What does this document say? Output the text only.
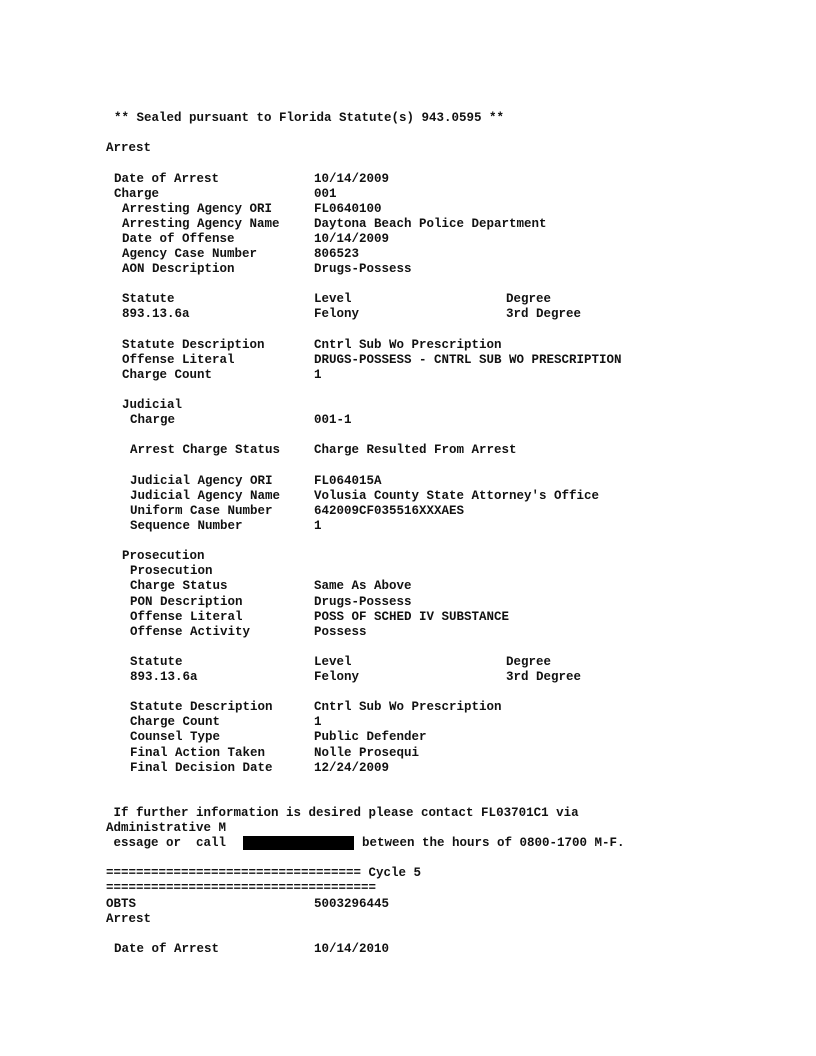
** Sealed pursuant to Florida Statute(s) 943.0595 **
Arrest
Date of Arrest	10/14/2009
Charge	001
Arresting Agency ORI	FL0640100
Arresting Agency Name	Daytona Beach Police Department
Date of Offense	10/14/2009
Agency Case Number	806523
AON Description	Drugs-Possess
Statute	Level	Degree
893.13.6a	Felony	3rd Degree
Statute Description	Cntrl Sub Wo Prescription
Offense Literal	DRUGS-POSSESS - CNTRL SUB WO PRESCRIPTION
Charge Count	1
Judicial
Charge	001-1
Arrest Charge Status	Charge Resulted From Arrest
Judicial Agency ORI	FL064015A
Judicial Agency Name	Volusia County State Attorney's Office
Uniform Case Number	642009CF035516XXXAES
Sequence Number	1
Prosecution
Prosecution
Charge Status	Same As Above
PON Description	Drugs-Possess
Offense Literal	POSS OF SCHED IV SUBSTANCE
Offense Activity	Possess
Statute	Level	Degree
893.13.6a	Felony	3rd Degree
Statute Description	Cntrl Sub Wo Prescription
Charge Count	1
Counsel Type	Public Defender
Final Action Taken	Nolle Prosequi
Final Decision Date	12/24/2009
If further information is desired please contact FL03701C1 via
Administrative M
essage or  call	between the hours of 0800-1700 M-F.
================================== Cycle 5
====================================
OBTS	5003296445
Arrest
Date of Arrest	10/14/2010
